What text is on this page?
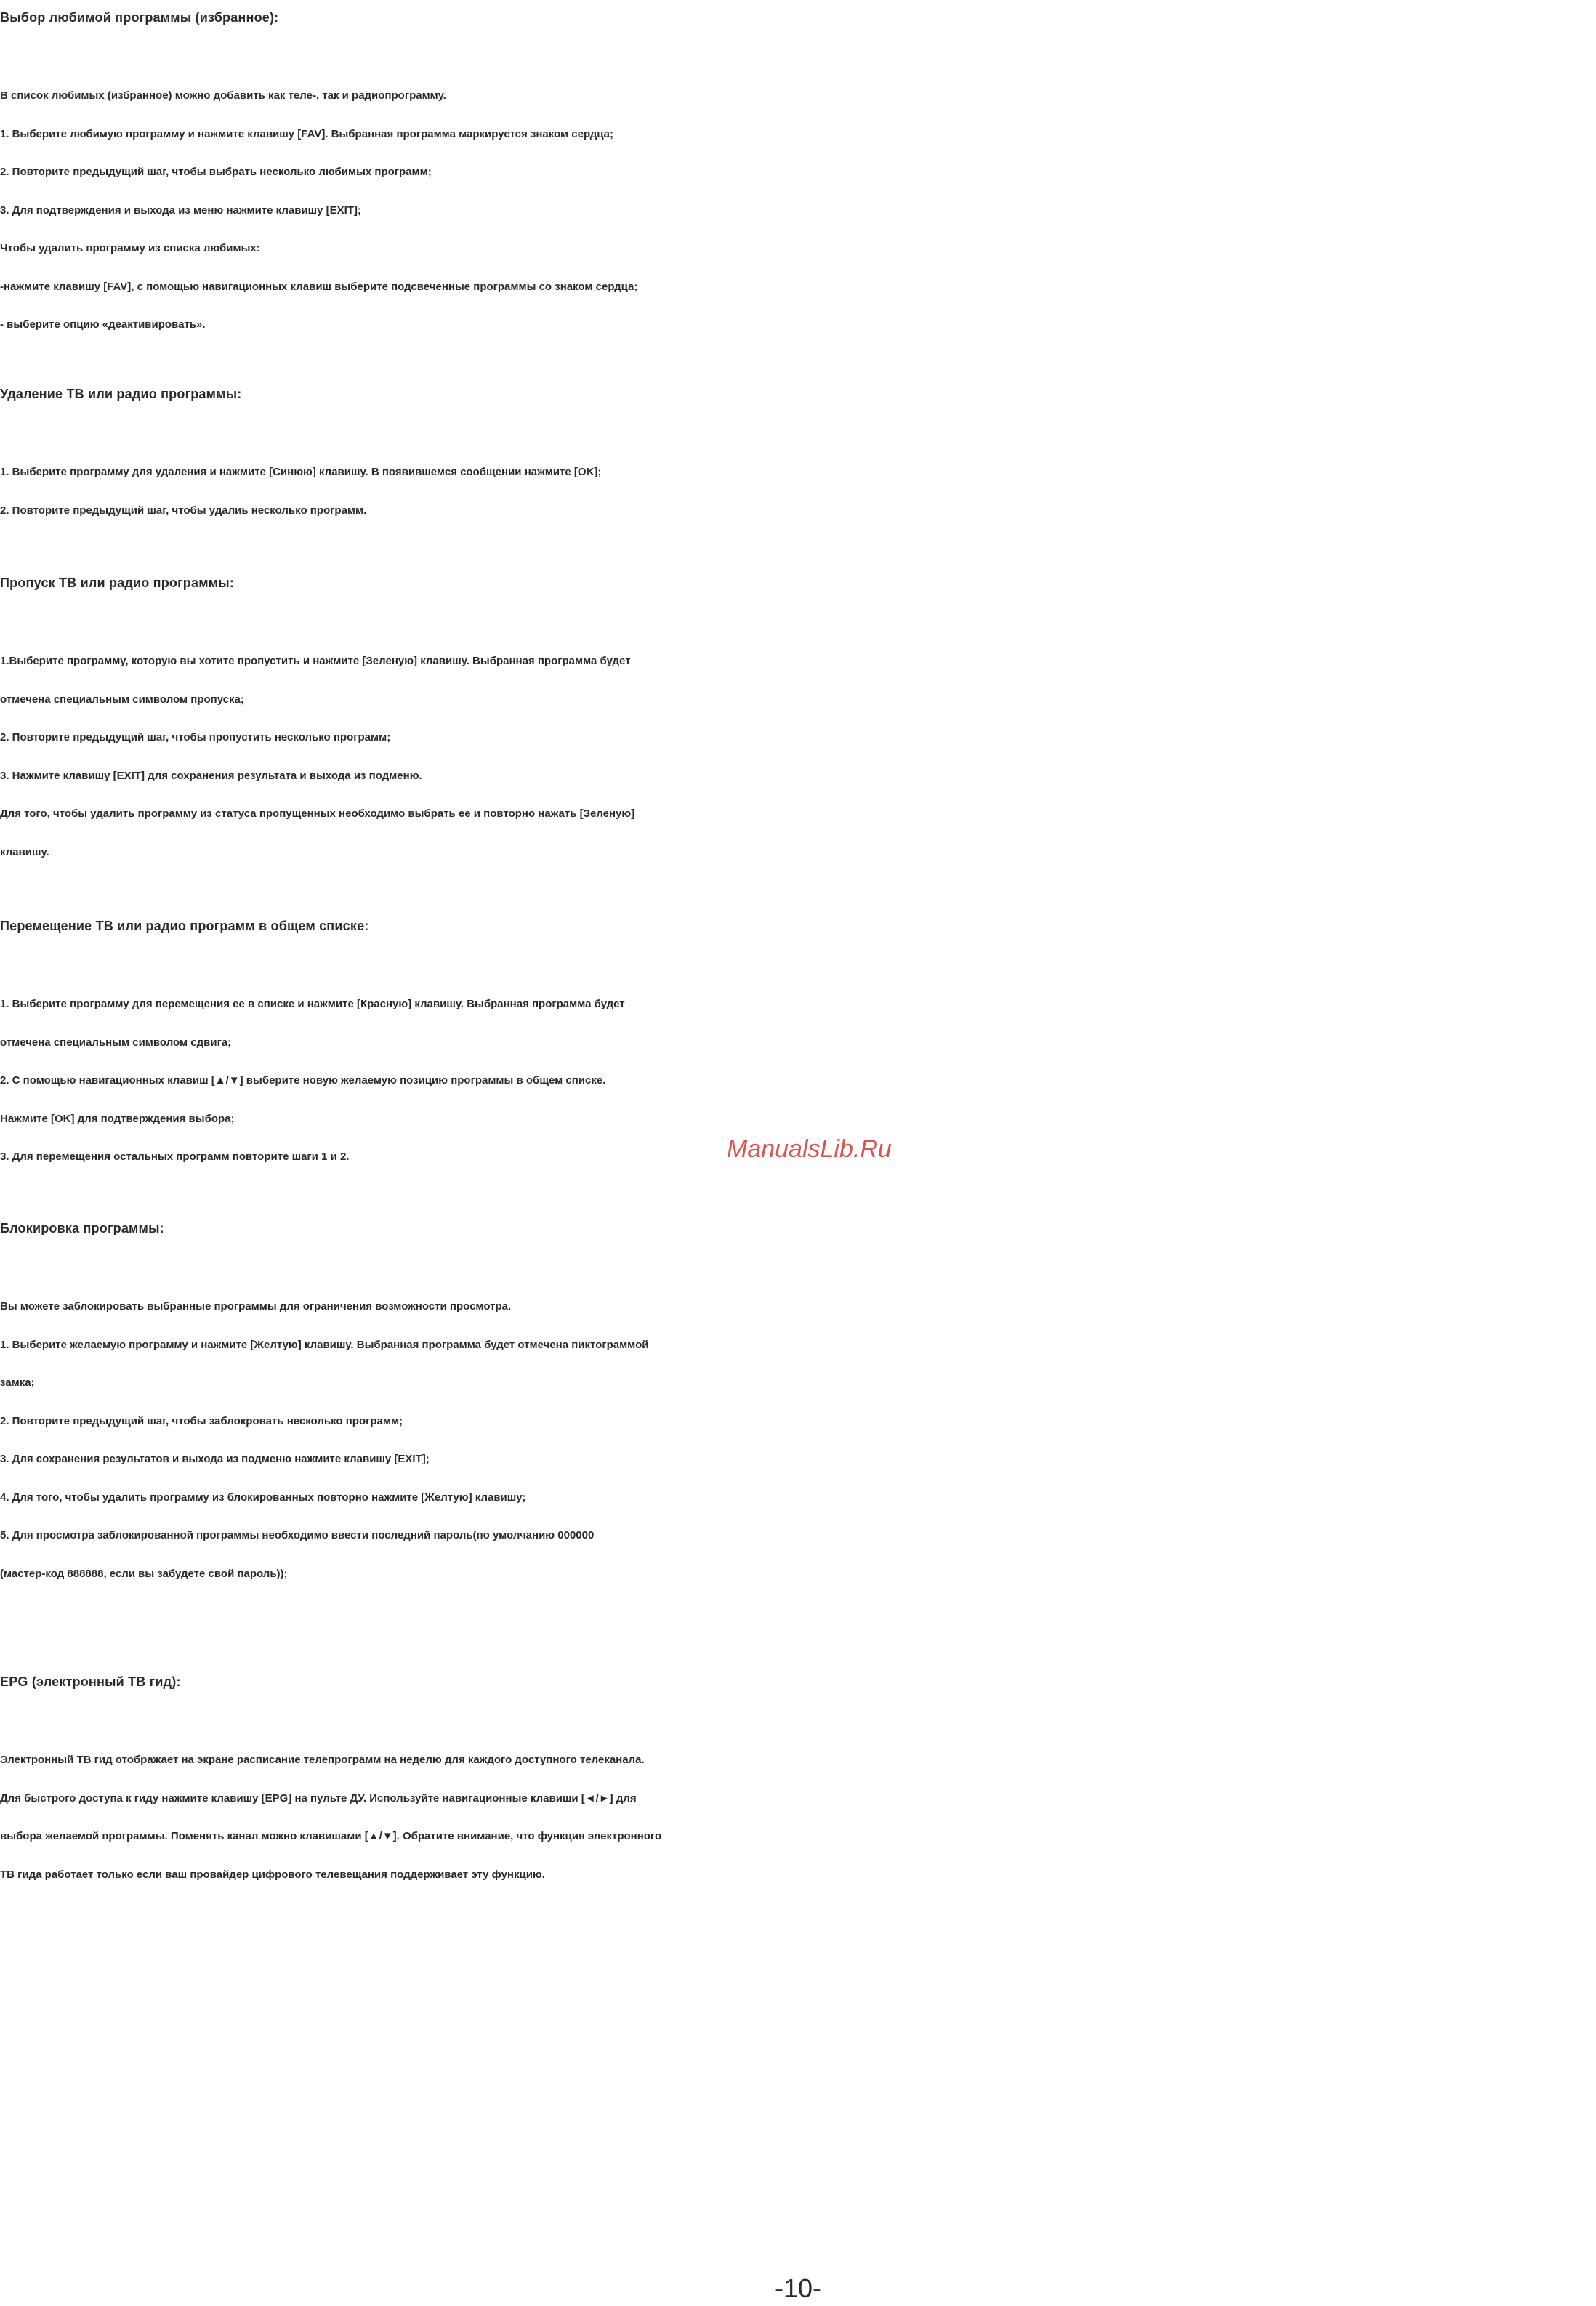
Выбор любимой программы (избранное):

В список любимых (избранное) можно добавить как теле-, так и радиопрограмму.

1. Выберите любимую программу и нажмите клавишу [FAV]. Выбранная программа маркируется знаком сердца;

2. Повторите предыдущий шаг, чтобы выбрать несколько любимых программ;

3. Для подтверждения и выхода из меню нажмите клавишу [EXIT];

Чтобы удалить программу из списка любимых:

-нажмите клавишу [FAV], с помощью навигационных клавиш выберите подсвеченные программы со знаком сердца;

- выберите опцию «деактивировать».

Удаление ТВ или радио программы:

1. Выберите программу для удаления и нажмите [Синюю] клавишу. В появившемся сообщении нажмите [OK];

2. Повторите предыдущий шаг, чтобы удалиь несколько программ.

Пропуск ТВ или радио программы:

1.Выберите программу, которую вы хотите пропустить и нажмите [Зеленую] клавишу. Выбранная программа будет

отмечена специальным символом пропуска;

2. Повторите предыдущий шаг, чтобы пропустить несколько программ;

3. Нажмите клавишу [EXIT] для сохранения результата и выхода из подменю.

Для того, чтобы удалить программу из статуса пропущенных необходимо выбрать ее и повторно нажать [Зеленую]

клавишу.

Перемещение ТВ или радио программ в общем списке:

1. Выберите программу для перемещения ее в списке и нажмите [Красную] клавишу. Выбранная программа будет

отмечена специальным символом сдвига;

2. С помощью навигационных клавиш [▲/▼] выберите новую желаемую позицию программы в общем списке.

Нажмите [OK] для подтверждения выбора;

3. Для перемещения остальных программ повторите шаги 1 и 2.

Блокировка программы:

Вы можете заблокировать выбранные программы для ограничения возможности просмотра.

1. Выберите желаемую программу и нажмите [Желтую] клавишу. Выбранная программа будет отмечена пиктограммой

замка;

2. Повторите предыдущий шаг, чтобы заблокровать несколько программ;

3. Для сохранения результатов и выхода из подменю нажмите клавишу [EXIT];

4. Для того, чтобы удалить программу из блокированных повторно нажмите [Желтую] клавишу;

5. Для просмотра заблокированной программы необходимо ввести последний пароль(по умолчанию 000000

(мастер-код 888888, если вы забудете свой пароль));

EPG (электронный ТВ гид):

Электронный ТВ гид отображает на экране расписание телепрограмм на неделю для каждого доступного телеканала.

Для быстрого доступа к гиду нажмите клавишу [EPG] на пульте ДУ. Используйте навигационные клавиши [◄/►] для

выбора желаемой программы. Поменять канал можно клавишами [▲/▼]. Обратите внимание, что функция электронного

ТВ гида работает только если ваш провайдер цифрового телевещания поддерживает эту функцию.

ManualsLib.Ru
-10-
